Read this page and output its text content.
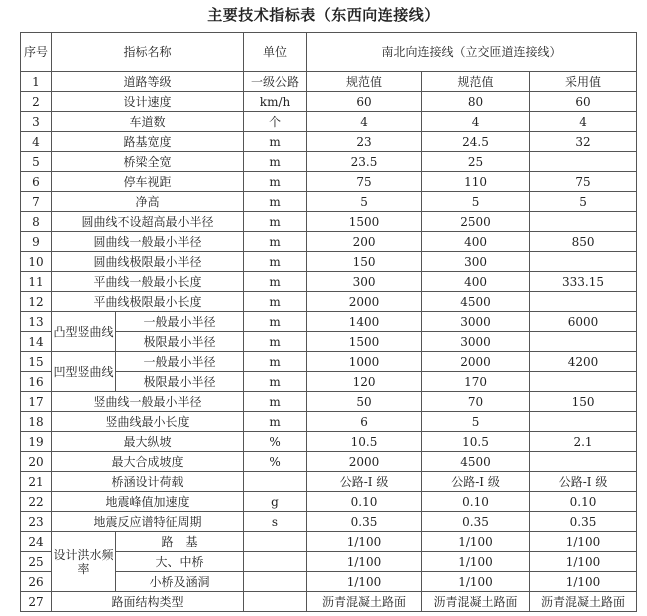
主要技术指标表（东西向连接线）
序号	指标名称		单位	南北向连接线（立交匝道连接线）		
1	道路等级		一级公路	规范值	规范值	采用值
2	设计速度		km/h	60	80	60
3	车道数		个	4	4	4
4	路基宽度		m	23	24.5	32
5	桥梁全宽		m	23.5	25	
6	停车视距		m	75	110	75
7	净高		m	5	5	5
8	圆曲线不设超高最小半径		m	1500	2500	
9	圆曲线一般最小半径		m	200	400	850
10	圆曲线极限最小半径		m	150	300	
11	平曲线一般最小长度		m	300	400	333.15
12	平曲线极限最小长度		m	2000	4500	
13	凸型竖曲线	一般最小半径	m	1400	3000	6000
14		极限最小半径	m	1500	3000	
15	凹型竖曲线	一般最小半径	m	1000	2000	4200
16		极限最小半径	m	120	170	
17	竖曲线一般最小半径		m	50	70	150
18	竖曲线最小长度		m	6	5	
19	最大纵坡		%	10.5	10.5	2.1
20	最大合成坡度		%	2000	4500	
21	桥涵设计荷载			公路-I 级	公路-I 级	公路-I 级
22	地震峰值加速度		g	0.10	0.10	0.10
23	地震反应谱特征周期		s	0.35	0.35	0.35
24	设计洪水频率	路　基		1/100	1/100	1/100
25		大、中桥		1/100	1/100	1/100
26		小桥及涵洞		1/100	1/100	1/100
27	路面结构类型			沥青混凝土路面	沥青混凝土路面	沥青混凝土路面
